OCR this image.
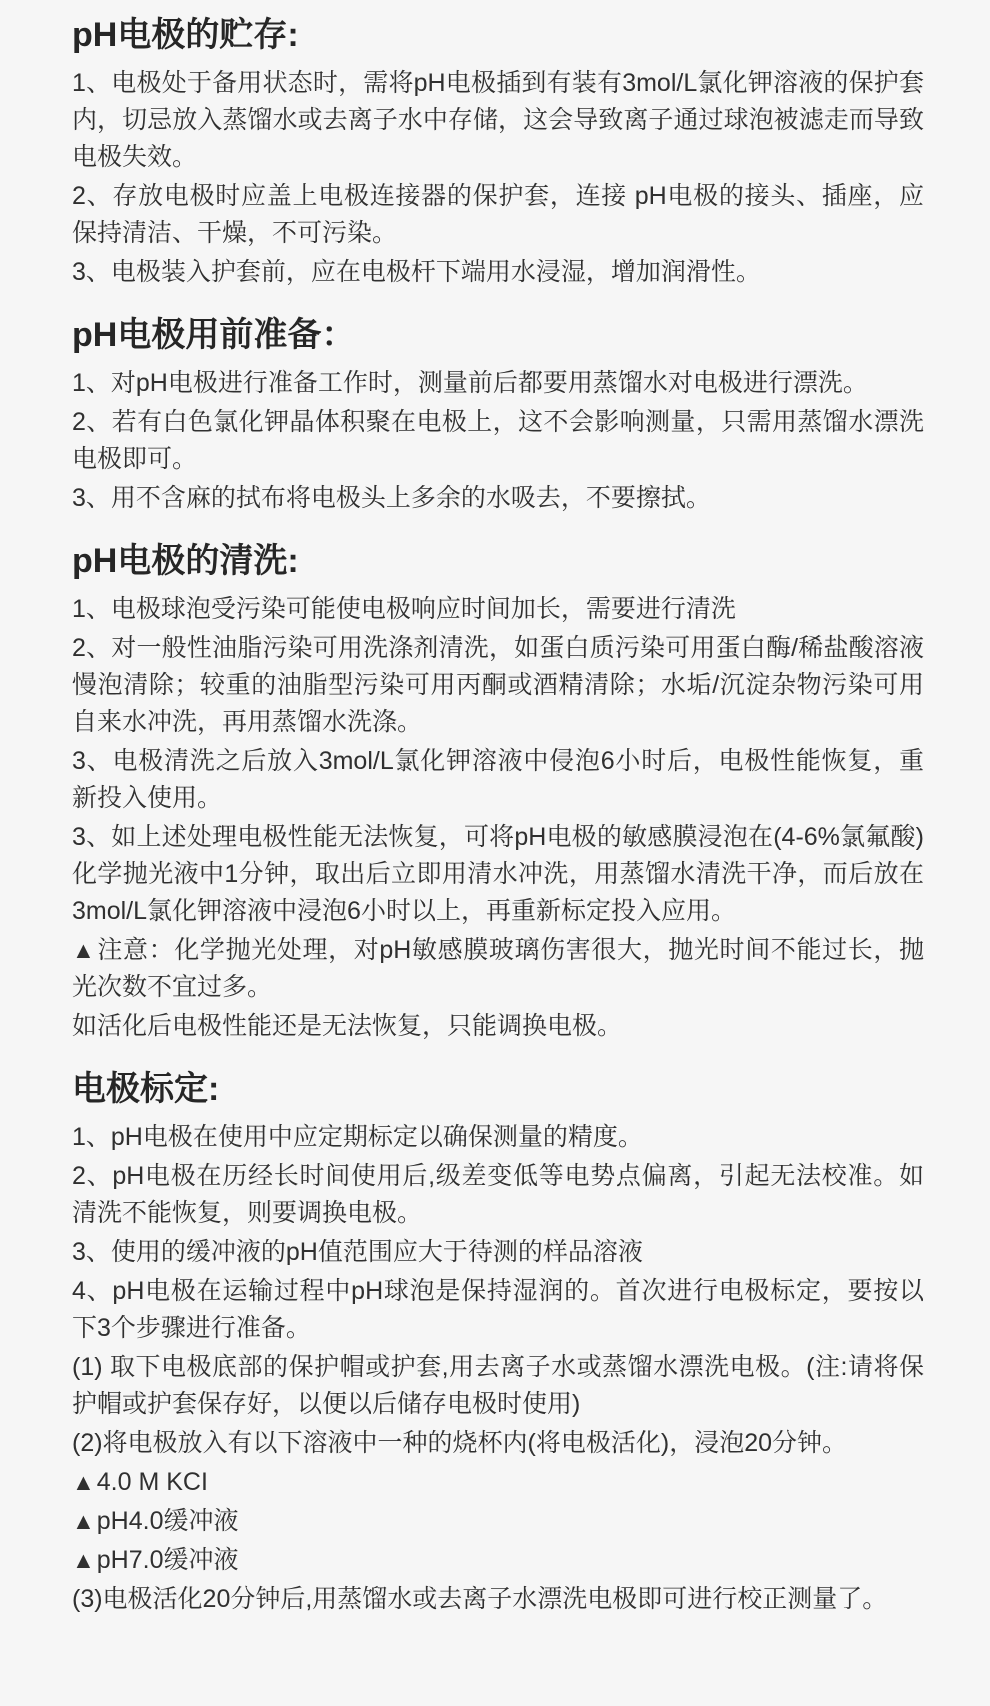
pH电极的贮存:

1、电极处于备用状态时，需将pH电极插到有装有3mol/L氯化钾溶液的保护套内，切忌放入蒸馏水或去离子水中存储，这会导致离子通过球泡被滤走而导致电极失效。

2、存放电极时应盖上电极连接器的保护套，连接 pH电极的接头、插座，应保持清洁、干燥，不可污染。

3、电极装入护套前，应在电极杆下端用水浸湿，增加润滑性。

pH电极用前准备：

1、对pH电极进行准备工作时，测量前后都要用蒸馏水对电极进行漂洗。

2、若有白色氯化钾晶体积聚在电极上，这不会影响测量，只需用蒸馏水漂洗电极即可。

3、用不含麻的拭布将电极头上多余的水吸去，不要擦拭。

pH电极的清洗:

1、电极球泡受污染可能使电极响应时间加长，需要进行清洗

2、对一般性油脂污染可用洗涤剂清洗，如蛋白质污染可用蛋白酶/稀盐酸溶液慢泡清除；较重的油脂型污染可用丙酮或酒精清除；水垢/沉淀杂物污染可用自来水冲洗，再用蒸馏水洗涤。

3、电极清洗之后放入3mol/L氯化钾溶液中侵泡6小时后，电极性能恢复，重新投入使用。

3、如上述处理电极性能无法恢复，可将pH电极的敏感膜浸泡在(4-6%氯氟酸)化学抛光液中1分钟，取出后立即用清水冲洗，用蒸馏水清洗干净，而后放在3mol/L氯化钾溶液中浸泡6小时以上，再重新标定投入应用。

▲注意：化学抛光处理，对pH敏感膜玻璃伤害很大，抛光时间不能过长，抛光次数不宜过多。

如活化后电极性能还是无法恢复，只能调换电极。

电极标定:

1、pH电极在使用中应定期标定以确保测量的精度。

2、pH电极在历经长时间使用后,级差变低等电势点偏离，引起无法校准。如清洗不能恢复，则要调换电极。

3、使用的缓冲液的pH值范围应大于待测的样品溶液

4、pH电极在运输过程中pH球泡是保持湿润的。首次进行电极标定，要按以下3个步骤进行准备。

(1) 取下电极底部的保护帽或护套,用去离子水或蒸馏水漂洗电极。(注:请将保护帽或护套保存好，以便以后储存电极时使用)

(2)将电极放入有以下溶液中一种的烧杯内(将电极活化)，浸泡20分钟。

▲4.0 M KCI

▲pH4.0缓冲液

▲pH7.0缓冲液

(3)电极活化20分钟后,用蒸馏水或去离子水漂洗电极即可进行校正测量了。
